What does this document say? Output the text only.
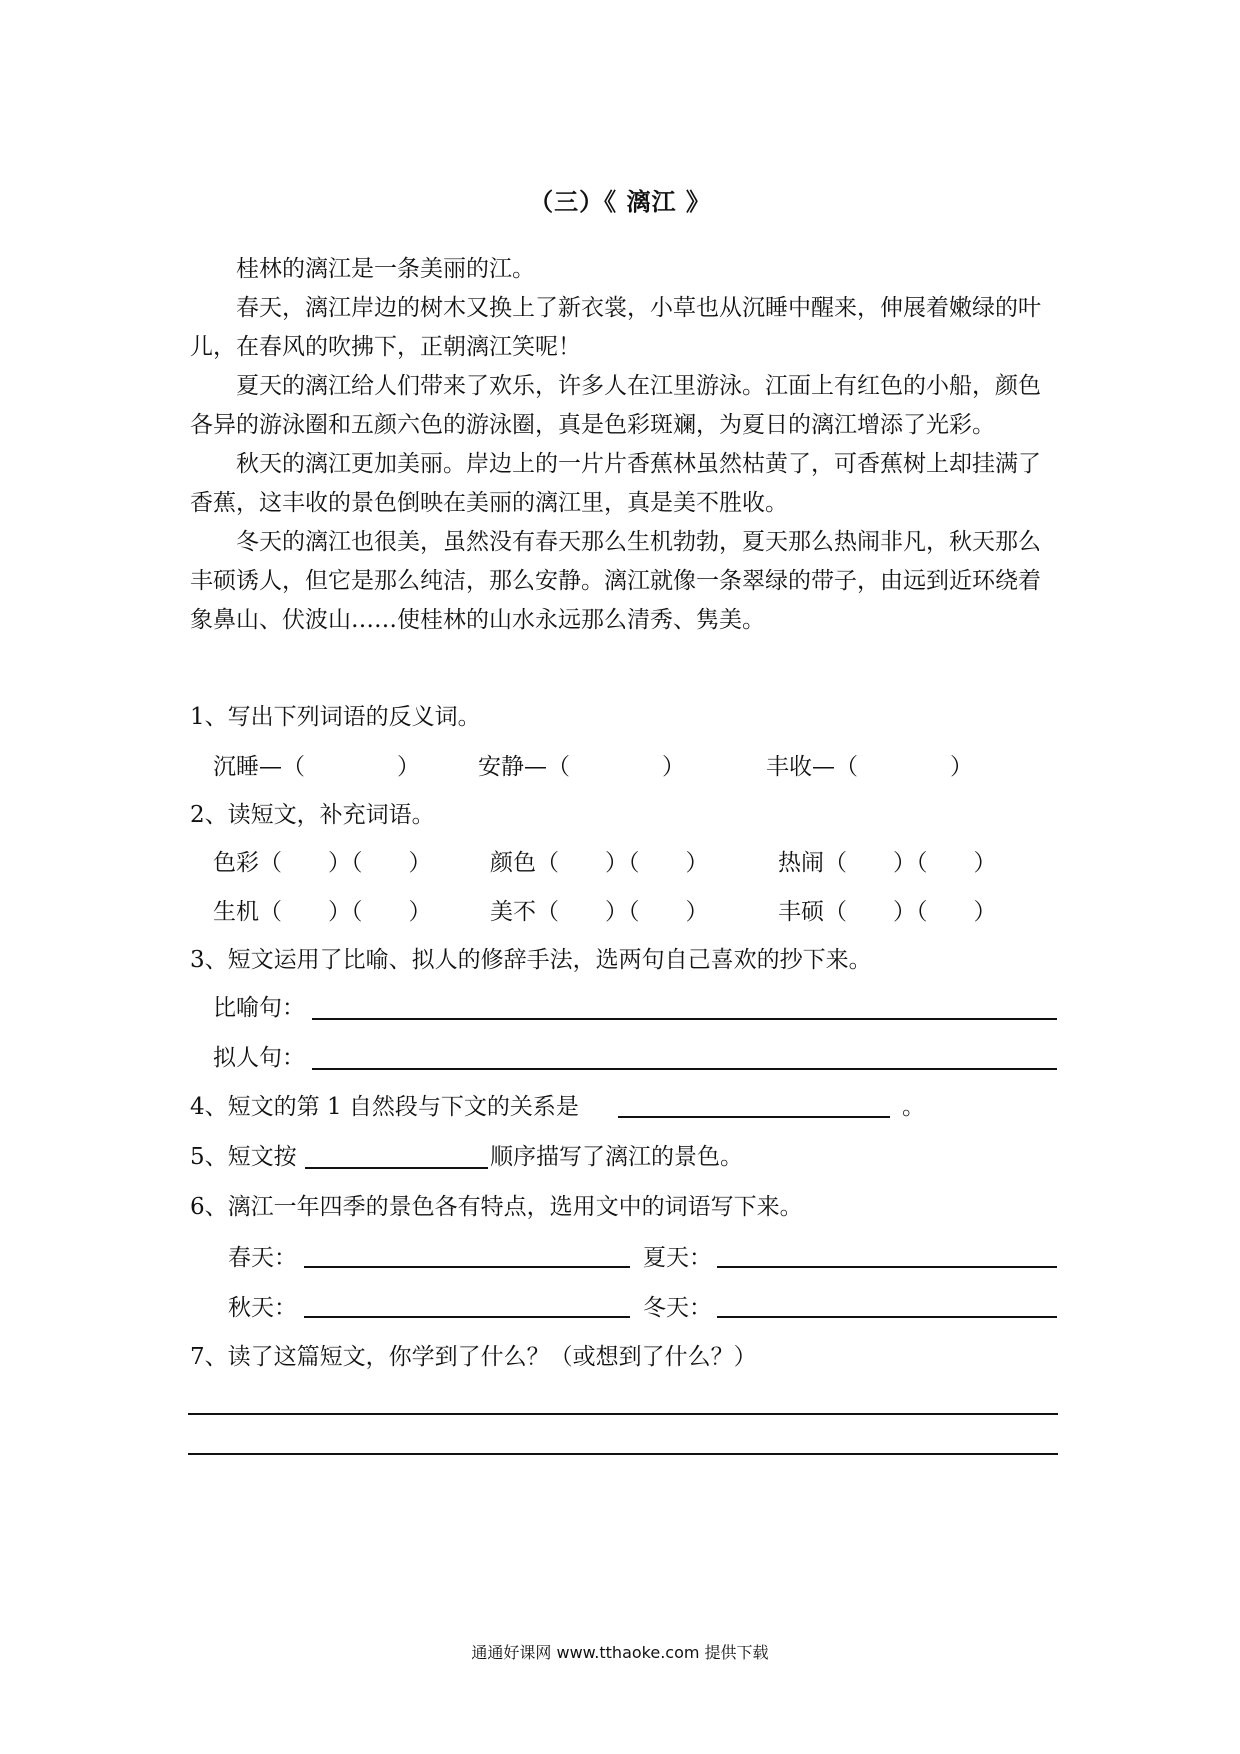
（三）《 漓江 》

桂林的漓江是一条美丽的江。

春天，漓江岸边的树木又换上了新衣裳，小草也从沉睡中醒来，伸展着嫩绿的叶儿，在春风的吹拂下，正朝漓江笑呢！

夏天的漓江给人们带来了欢乐，许多人在江里游泳。江面上有红色的小船，颜色各异的游泳圈和五颜六色的游泳圈，真是色彩斑斓，为夏日的漓江增添了光彩。

秋天的漓江更加美丽。岸边上的一片片香蕉林虽然枯黄了，可香蕉树上却挂满了香蕉，这丰收的景色倒映在美丽的漓江里，真是美不胜收。

冬天的漓江也很美，虽然没有春天那么生机勃勃，夏天那么热闹非凡，秋天那么丰硕诱人，但它是那么纯洁，那么安静。漓江就像一条翠绿的带子，由远到近环绕着象鼻山、伏波山……使桂林的山水永远那么清秀、隽美。

1、写出下列词语的反义词。
沉睡—（　　　　）	安静—（　　　　）	丰收—（　　　　）
2、读短文，补充词语。
色彩（　　）（　　）	颜色（　　）（　　）	热闹（　　）（　　）
生机（　　）（　　）	美不（　　）（　　）	丰硕（　　）（　　）
3、短文运用了比喻、拟人的修辞手法，选两句自己喜欢的抄下来。
比喻句：
拟人句：
4、短文的第 1 自然段与下文的关系是	。
5、短文按	顺序描写了漓江的景色。
6、漓江一年四季的景色各有特点，选用文中的词语写下来。
春天：	夏天：
秋天：	冬天：
7、读了这篇短文，你学到了什么？（或想到了什么？）
通通好课网 www.tthaoke.com 提供下载
